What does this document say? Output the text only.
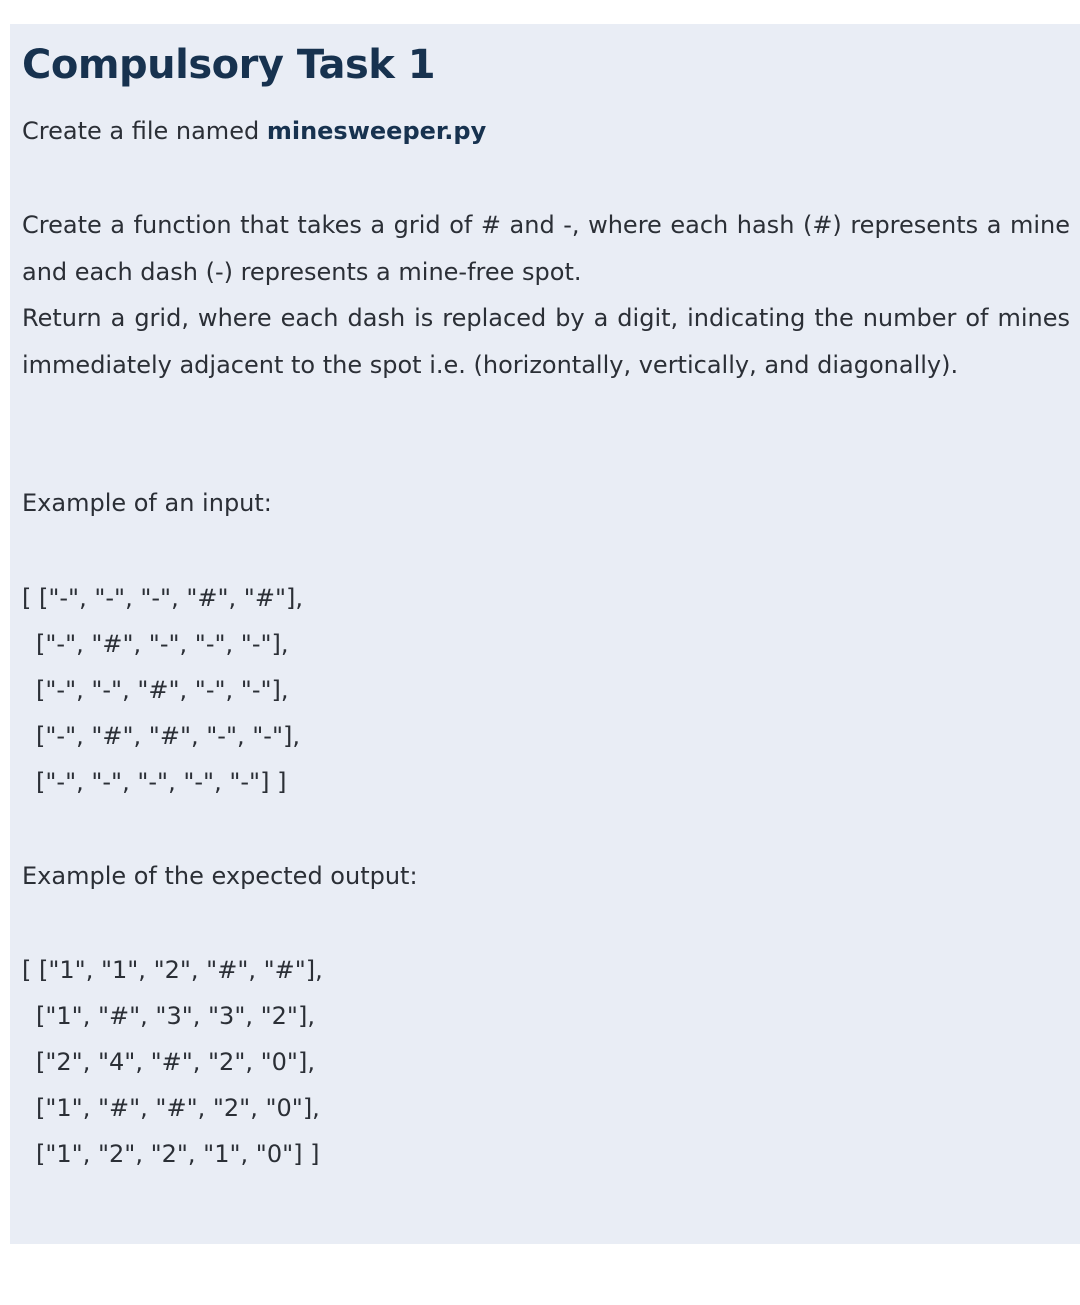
Compulsory Task 1
Create a file named minesweeper.py

Create a function that takes a grid of # and -, where each hash (#) represents a mine and each dash (-) represents a mine-free spot.

Return a grid, where each dash is replaced by a digit, indicating the number of mines immediately adjacent to the spot i.e. (horizontally, vertically, and diagonally).

Example of an input:
[ ["-", "-", "-", "#", "#"],
["-", "#", "-", "-", "-"],
["-", "-", "#", "-", "-"],
["-", "#", "#", "-", "-"],
["-", "-", "-", "-", "-"] ]
Example of the expected output:
[ ["1", "1", "2", "#", "#"],
["1", "#", "3", "3", "2"],
["2", "4", "#", "2", "0"],
["1", "#", "#", "2", "0"],
["1", "2", "2", "1", "0"] ]
